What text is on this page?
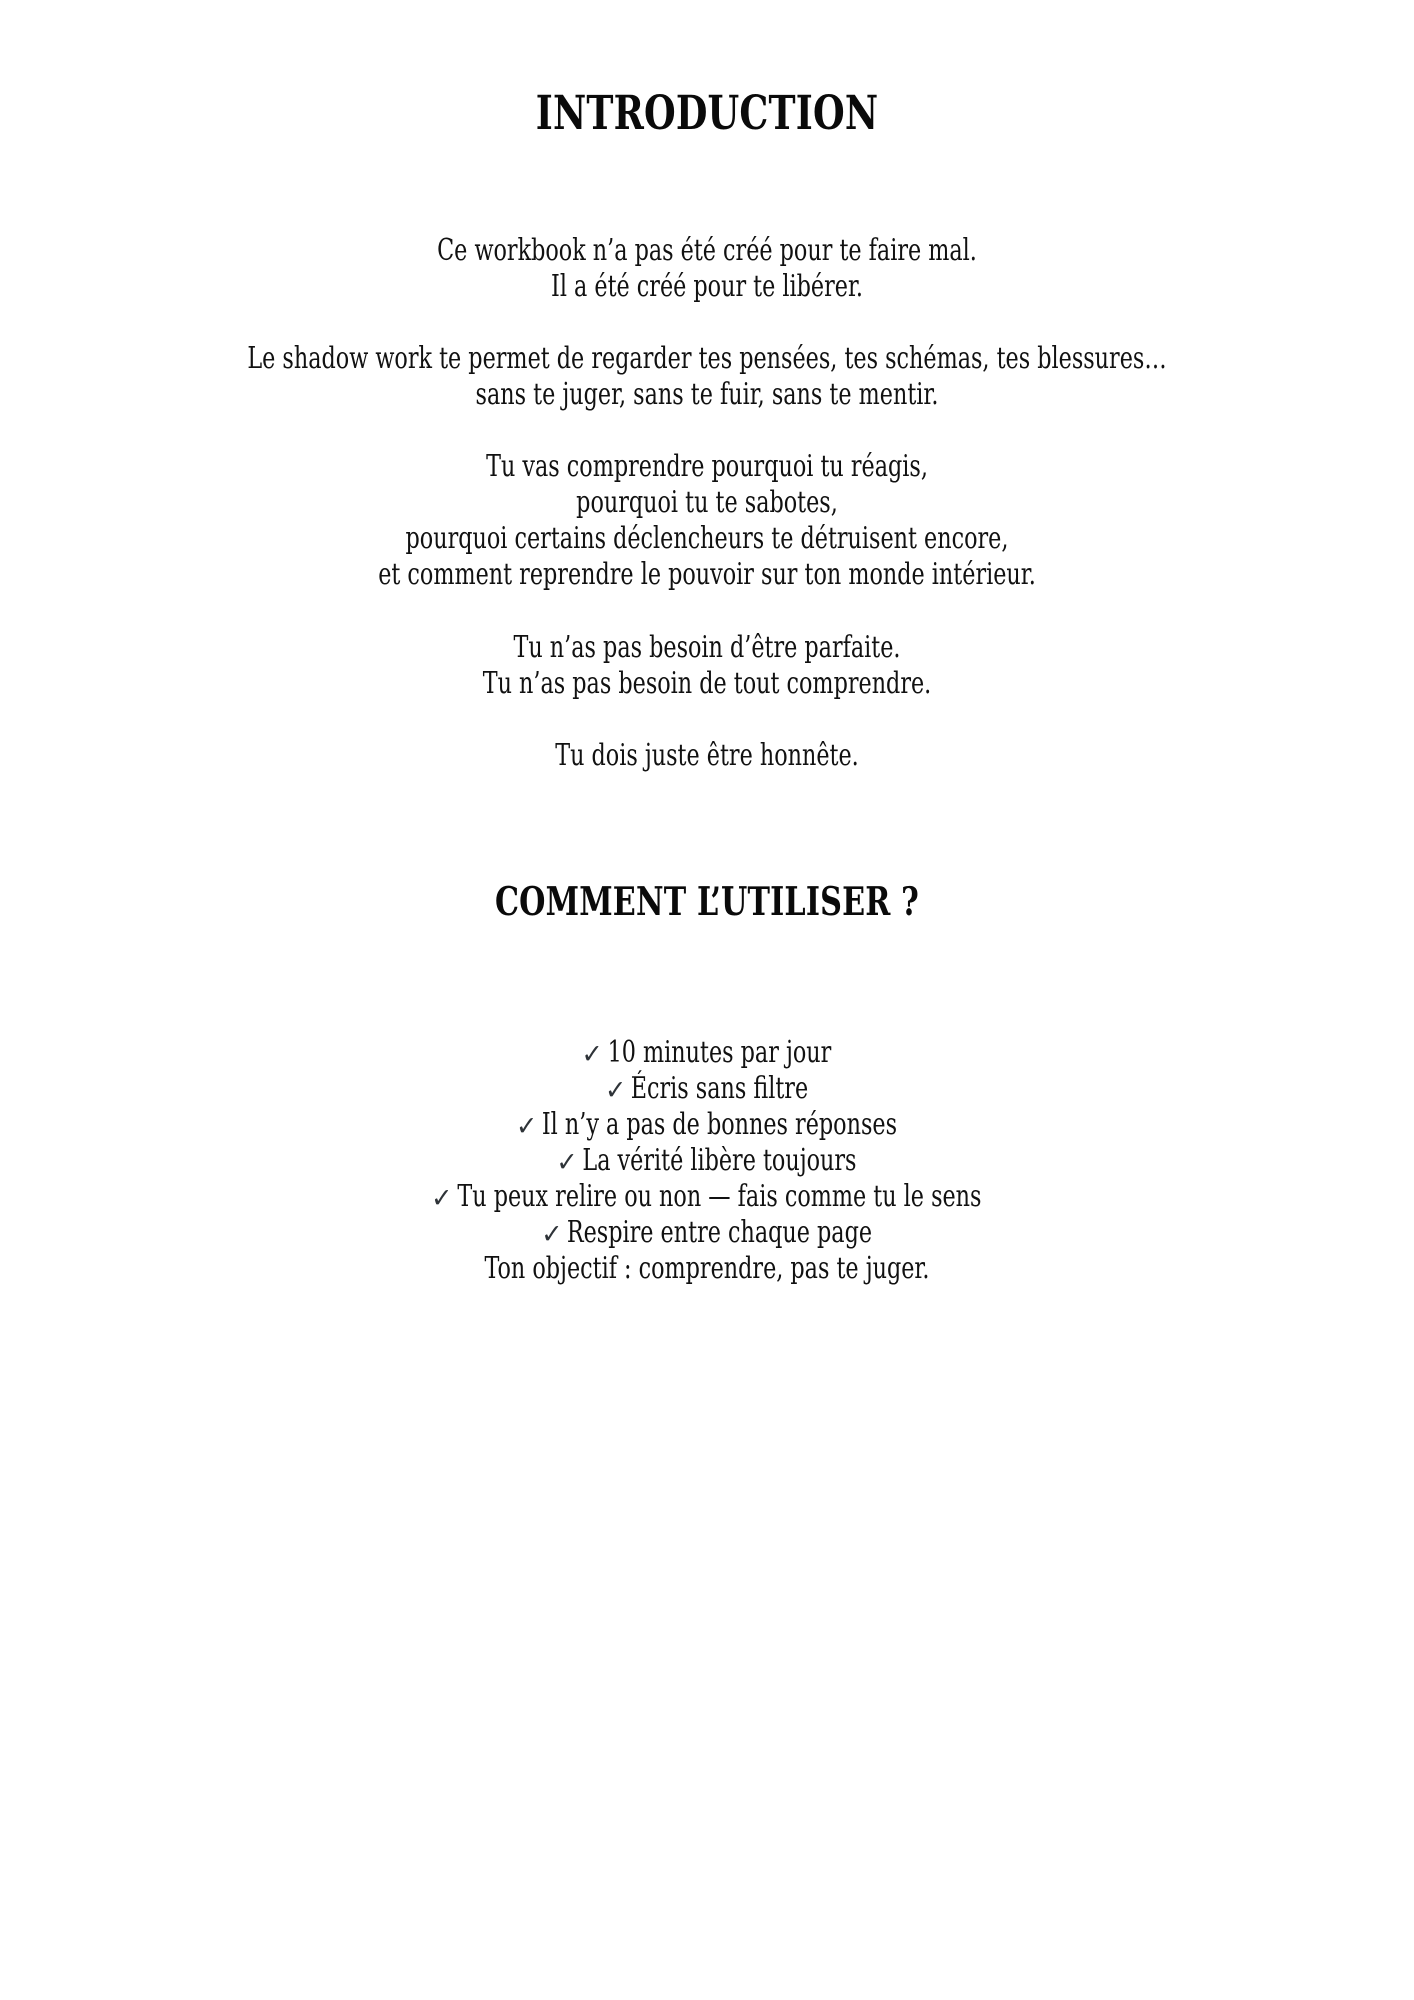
INTRODUCTION
Ce workbook n’a pas été créé pour te faire mal.
Il a été créé pour te libérer.
Le shadow work te permet de regarder tes pensées, tes schémas, tes blessures…
sans te juger, sans te fuir, sans te mentir.
Tu vas comprendre pourquoi tu réagis,
pourquoi tu te sabotes,
pourquoi certains déclencheurs te détruisent encore,
et comment reprendre le pouvoir sur ton monde intérieur.
Tu n’as pas besoin d’être parfaite.
Tu n’as pas besoin de tout comprendre.
Tu dois juste être honnête.
COMMENT L’UTILISER ?
✓ 10 minutes par jour
✓ Écris sans filtre
✓ Il n’y a pas de bonnes réponses
✓ La vérité libère toujours
✓ Tu peux relire ou non — fais comme tu le sens
✓ Respire entre chaque page
Ton objectif : comprendre, pas te juger.
